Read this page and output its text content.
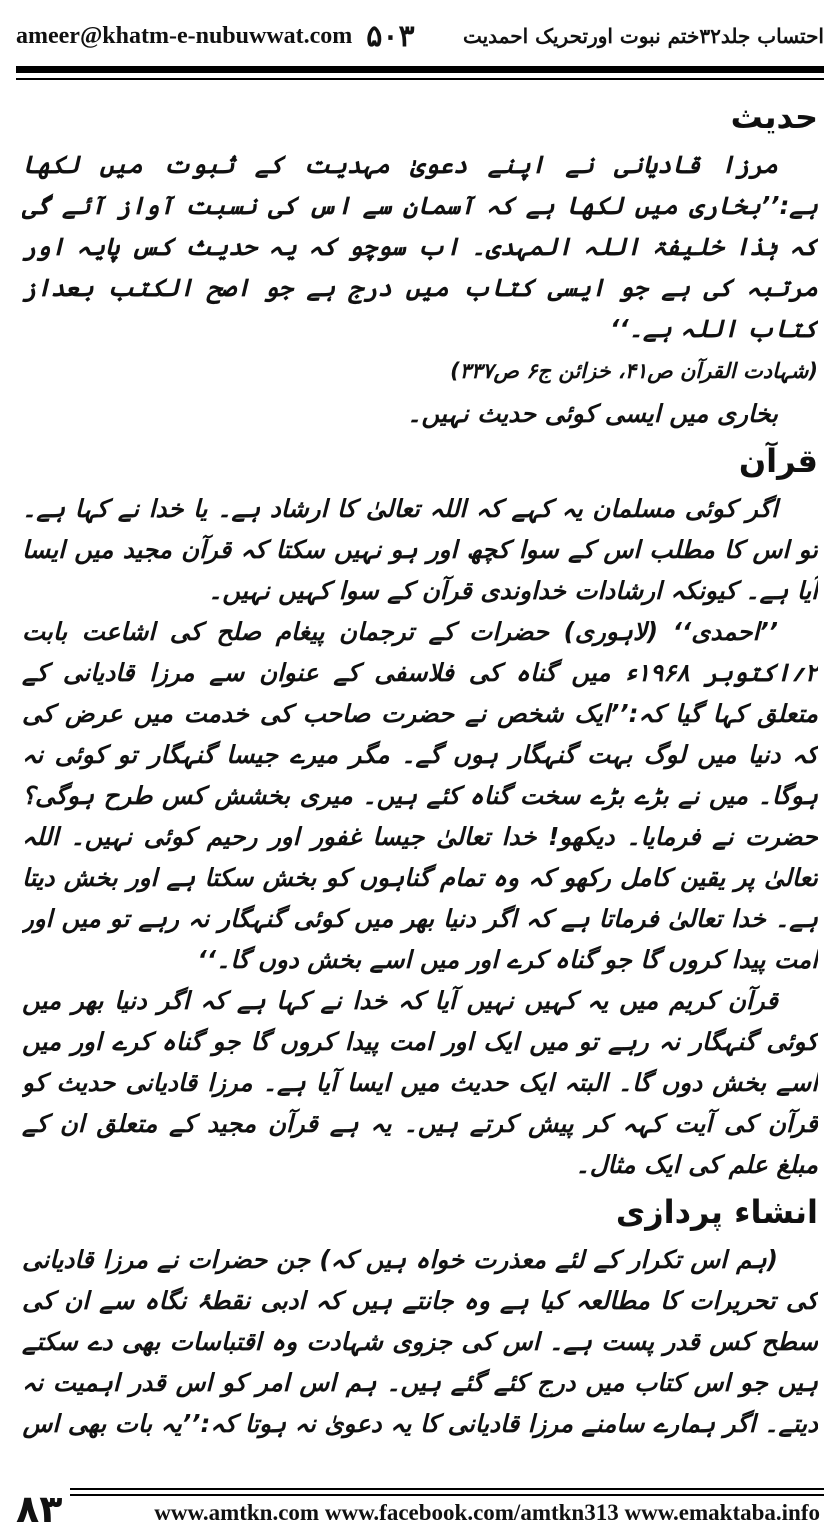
ameer@khatm-e-nubuwwat.com ۵۰۳ احتساب جلد۳۲ختم نبوت اورتحریک احمدیت
حدیث

مرزا قادیانی نے اپنے دعویٰ مہدیت کے ثبوت میں لکھا ہے:’’بخاری میں لکھا ہے کہ آسمان سے اس کی نسبت آواز آئے گی کہ ہٰذا خلیفۃ اللہ المہدی۔ اب سوچو کہ یہ حدیث کس پایہ اور مرتبہ کی ہے جو ایسی کتاب میں درج ہے جو اصح الکتب بعداز کتاب اللہ ہے۔‘‘

(شہادت القرآن ص۴۱، خزائن ج۶ ص۳۳۷)

بخاری میں ایسی کوئی حدیث نہیں۔

قرآن

اگر کوئی مسلمان یہ کہے کہ اللہ تعالیٰ کا ارشاد ہے۔ یا خدا نے کہا ہے۔ تو اس کا مطلب اس کے سوا کچھ اور ہو نہیں سکتا کہ قرآن مجید میں ایسا آیا ہے۔ کیونکہ ارشادات خداوندی قرآن کے سوا کہیں نہیں۔

’’احمدی‘‘ (لاہوری) حضرات کے ترجمان پیغام صلح کی اشاعت بابت ۲؍اکتوبر ۱۹۶۸ء میں گناہ کی فلاسفی کے عنوان سے مرزا قادیانی کے متعلق کہا گیا کہ:’’ایک شخص نے حضرت صاحب کی خدمت میں عرض کی کہ دنیا میں لوگ بہت گنہگار ہوں گے۔ مگر میرے جیسا گنہگار تو کوئی نہ ہوگا۔ میں نے بڑے بڑے سخت گناہ کئے ہیں۔ میری بخشش کس طرح ہوگی؟ حضرت نے فرمایا۔ دیکھو! خدا تعالیٰ جیسا غفور اور رحیم کوئی نہیں۔ اللہ تعالیٰ پر یقین کامل رکھو کہ وہ تمام گناہوں کو بخش سکتا ہے اور بخش دیتا ہے۔ خدا تعالیٰ فرماتا ہے کہ اگر دنیا بھر میں کوئی گنہگار نہ رہے تو میں اور امت پیدا کروں گا جو گناہ کرے اور میں اسے بخش دوں گا۔‘‘

قرآن کریم میں یہ کہیں نہیں آیا کہ خدا نے کہا ہے کہ اگر دنیا بھر میں کوئی گنہگار نہ رہے تو میں ایک اور امت پیدا کروں گا جو گناہ کرے اور میں اسے بخش دوں گا۔ البتہ ایک حدیث میں ایسا آیا ہے۔ مرزا قادیانی حدیث کو قرآن کی آیت کہہ کر پیش کرتے ہیں۔ یہ ہے قرآن مجید کے متعلق ان کے مبلغ علم کی ایک مثال۔

انشاء پردازی

(ہم اس تکرار کے لئے معذرت خواہ ہیں کہ) جن حضرات نے مرزا قادیانی کی تحریرات کا مطالعہ کیا ہے وہ جانتے ہیں کہ ادبی نقطۂ نگاہ سے ان کی سطح کس قدر پست ہے۔ اس کی جزوی شہادت وہ اقتباسات بھی دے سکتے ہیں جو اس کتاب میں درج کئے گئے ہیں۔ ہم اس امر کو اس قدر اہمیت نہ دیتے۔ اگر ہمارے سامنے مرزا قادیانی کا یہ دعویٰ نہ ہوتا کہ:’’یہ بات بھی اس

۸۳	www.amtkn.com www.facebook.com/amtkn313 www.emaktaba.info
